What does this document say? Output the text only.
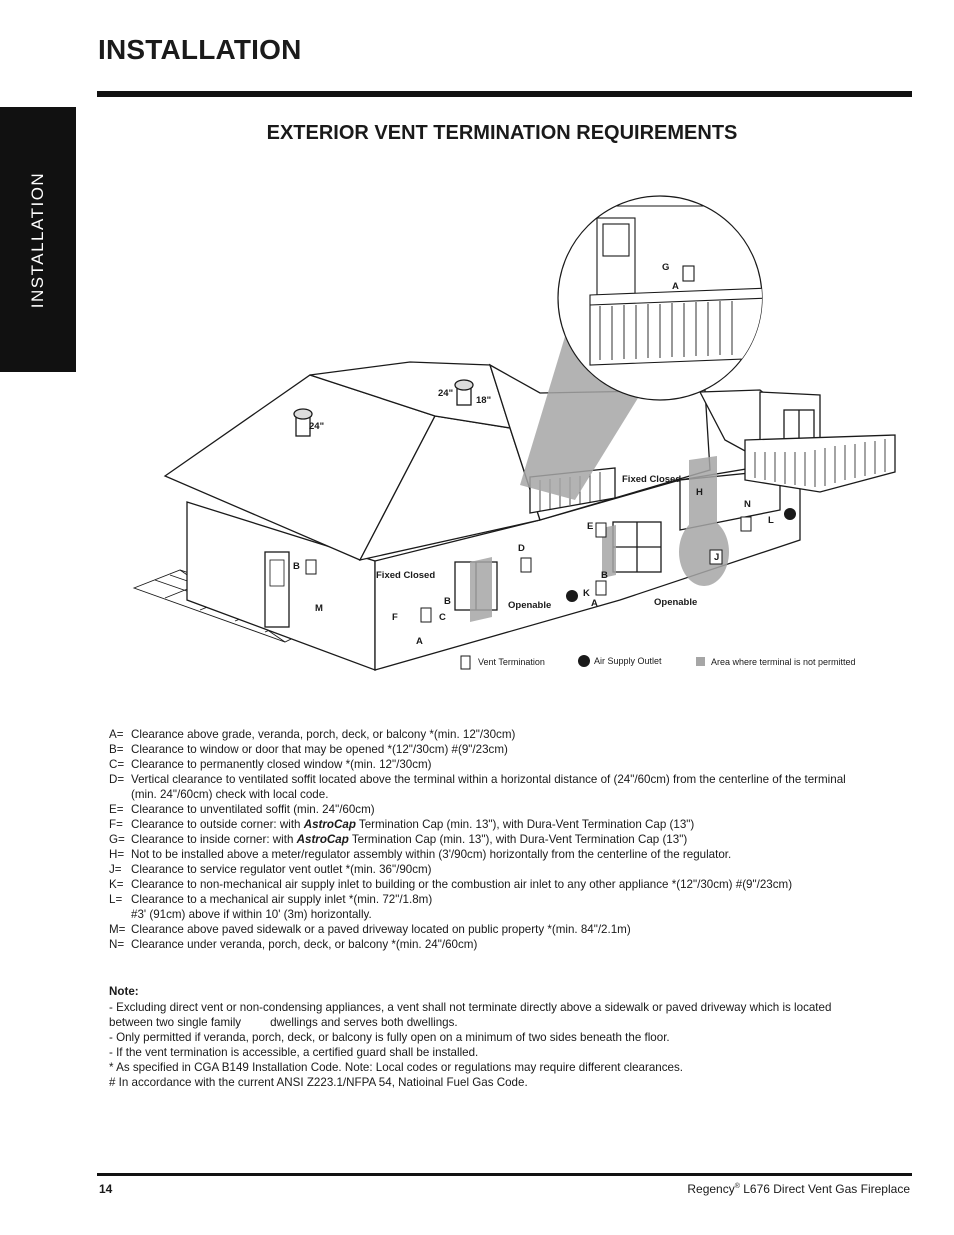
INSTALLATION
INSTALLATION
EXTERIOR VENT TERMINATION REQUIREMENTS
G
A
B
M
F	C
B
A
D
E
B
K
A
H
J
N
L
24"
24"
18"
Fixed Closed
Fixed Closed
Openable	Openable
Vent Termination	Air Supply Outlet	Area where terminal is not permitted
A= Clearance above grade, veranda, porch, deck, or balcony *(min. 12"/30cm)
B= Clearance to window or door that may be opened *(12"/30cm) #(9"/23cm)
C= Clearance to permanently closed window *(min. 12"/30cm)
D= Vertical clearance to ventilated soffit located above the terminal within a horizontal distance of (24"/60cm) from the centerline of the terminal
(min. 24"/60cm) check with local code.
E= Clearance to unventilated soffit (min. 24"/60cm)
F= Clearance to outside corner: with AstroCap Termination Cap (min. 13"), with Dura-Vent Termination Cap (13")
G= Clearance to inside corner: with AstroCap Termination Cap (min. 13"), with Dura-Vent Termination Cap (13")
H= Not to be installed above a meter/regulator assembly within (3'/90cm) horizontally from the centerline of the regulator.
J= Clearance to service regulator vent outlet *(min. 36"/90cm)
K= Clearance to non-mechanical air supply inlet to building or the combustion air inlet to any other appliance *(12"/30cm) #(9"/23cm)
L= Clearance to a mechanical air supply inlet *(min. 72"/1.8m)
#3' (91cm) above if within 10' (3m) horizontally.
M= Clearance above paved sidewalk or a paved driveway located on public property *(min. 84"/2.1m)
N= Clearance under veranda, porch, deck, or balcony *(min. 24"/60cm)
Note:
- Excluding direct vent or non-condensing appliances, a vent shall not terminate directly above a sidewalk or paved driveway which is located
between two single family         dwellings and serves both dwellings.
- Only permitted if veranda, porch, deck, or balcony is fully open on a minimum of two sides beneath the floor.
- If the vent termination is accessible, a certified guard shall be installed.
* As specified in CGA B149 Installation Code. Note: Local codes or regulations may require different clearances.
# In accordance with the current ANSI Z223.1/NFPA 54, Natioinal Fuel Gas Code.
14	Regency® L676 Direct Vent Gas Fireplace
